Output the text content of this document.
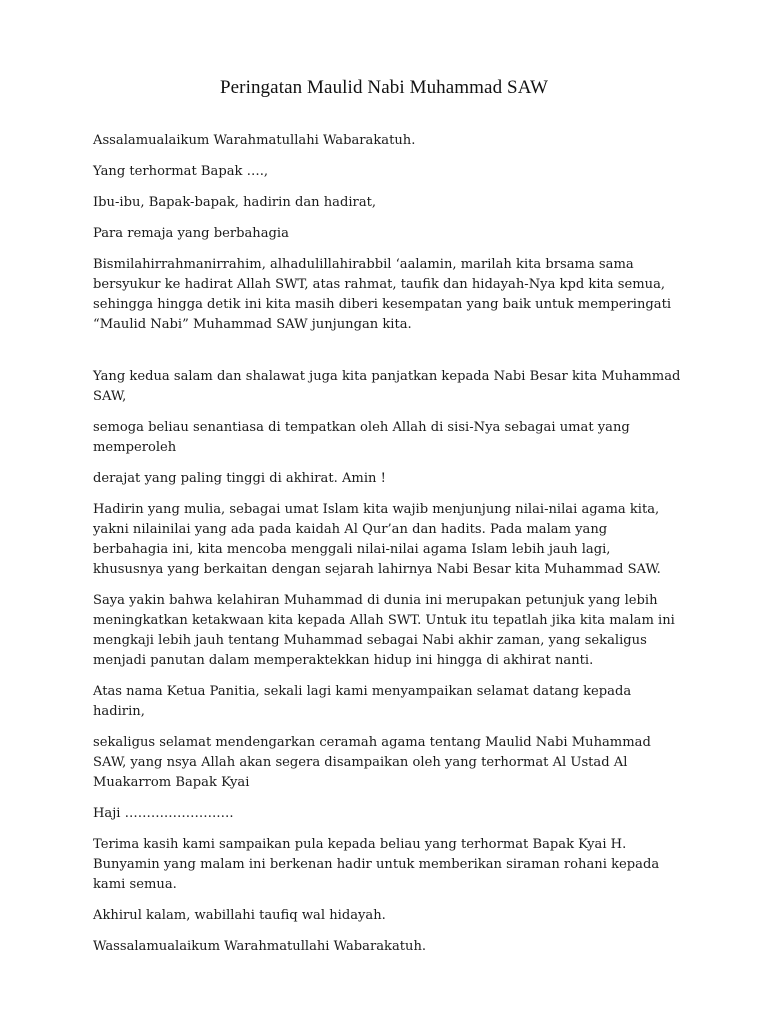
Peringatan Maulid Nabi Muhammad SAW

Assalamualaikum Warahmatullahi Wabarakatuh.

Yang terhormat Bapak ….,

Ibu-ibu, Bapak-bapak, hadirin dan hadirat,

Para remaja yang berbahagia

Bismilahirrahmanirrahim, alhadulillahirabbil ‘aalamin, marilah kita brsama sama bersyukur ke hadirat Allah SWT, atas rahmat, taufik dan hidayah-Nya kpd kita semua, sehingga hingga detik ini kita masih diberi kesempatan yang baik untuk memperingati “Maulid Nabi” Muhammad SAW junjungan kita.

Yang kedua salam dan shalawat juga kita panjatkan kepada Nabi Besar kita Muhammad SAW,

semoga beliau senantiasa di tempatkan oleh Allah di sisi-Nya sebagai umat yang memperoleh

derajat yang paling tinggi di akhirat. Amin !

Hadirin yang mulia, sebagai umat Islam kita wajib menjunjung nilai-nilai agama kita, yakni nilainilai yang ada pada kaidah Al Qur’an dan hadits. Pada malam yang berbahagia ini, kita mencoba menggali nilai-nilai agama Islam lebih jauh lagi, khususnya yang berkaitan dengan sejarah lahirnya Nabi Besar kita Muhammad SAW.

Saya yakin bahwa kelahiran Muhammad di dunia ini merupakan petunjuk yang lebih meningkatkan ketakwaan kita kepada Allah SWT. Untuk itu tepatlah jika kita malam ini mengkaji lebih jauh tentang Muhammad sebagai Nabi akhir zaman, yang sekaligus menjadi panutan dalam memperaktekkan hidup ini hingga di akhirat nanti.

Atas nama Ketua Panitia, sekali lagi kami menyampaikan selamat datang kepada hadirin,

sekaligus selamat mendengarkan ceramah agama tentang Maulid Nabi Muhammad SAW, yang nsya Allah akan segera disampaikan oleh yang terhormat Al Ustad Al Muakarrom Bapak Kyai

Haji …………………….

Terima kasih kami sampaikan pula kepada beliau yang terhormat Bapak Kyai H. Bunyamin yang malam ini berkenan hadir untuk memberikan siraman rohani kepada kami semua.

Akhirul kalam, wabillahi taufiq wal hidayah.

Wassalamualaikum Warahmatullahi Wabarakatuh.
